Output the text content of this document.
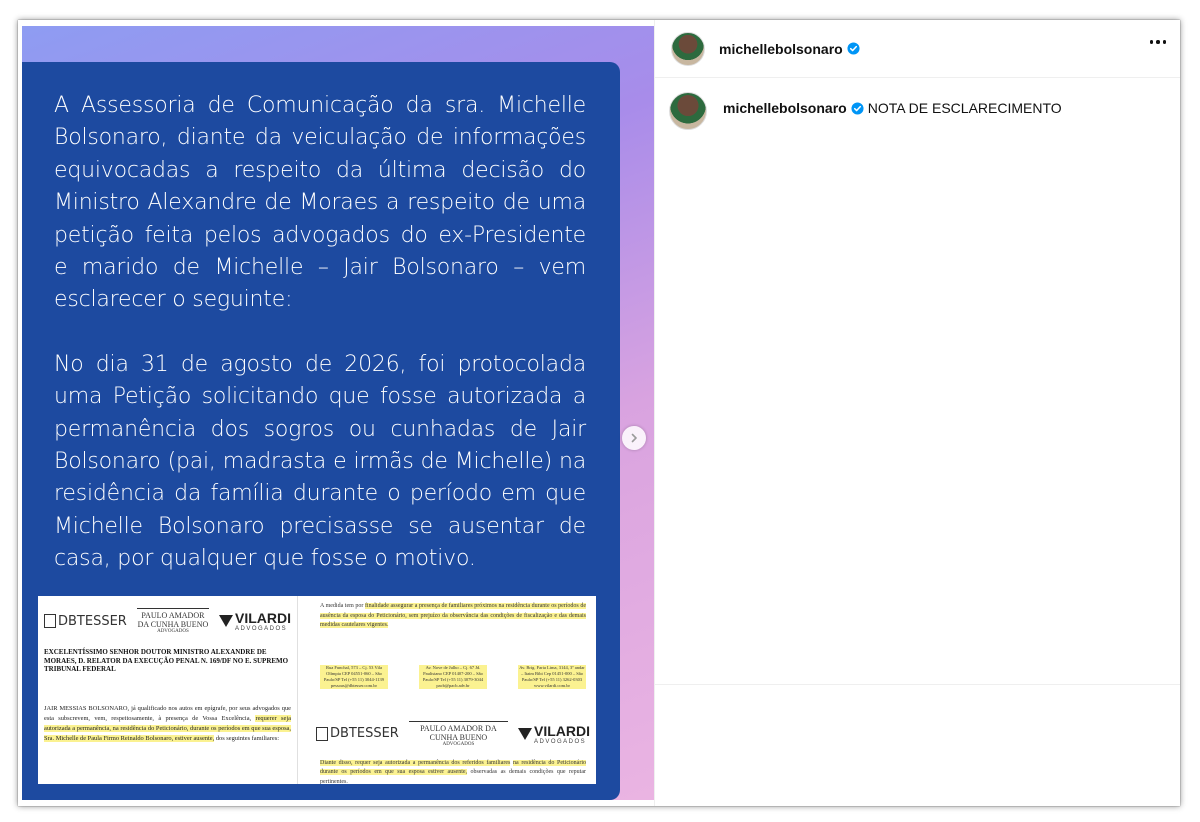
A Assessoria de Comunicação da sra. Michelle Bolsonaro, diante da veiculação de informações equivocadas a respeito da última decisão do Ministro Alexandre de Moraes a respeito de uma petição feita pelos advogados do ex-Presidente e marido de Michelle – Jair Bolsonaro – vem esclarecer o seguinte:

No dia 31 de agosto de 2026, foi protocolada uma Petição solicitando que fosse autorizada a permanência dos sogros ou cunhadas de Jair Bolsonaro (pai, madrasta e irmãs de Michelle) na residência da família durante o período em que Michelle Bolsonaro precisasse se ausentar de casa, por qualquer que fosse o motivo.

DBTESSER	PAULO AMADOR DA CUNHA BUENO
ADVOGADOS
VILARDI
ADVOGADOS
EXCELENTÍSSIMO SENHOR DOUTOR MINISTRO ALEXANDRE DE MORAES, D. RELATOR DA EXECUÇÃO PENAL N. 169/DF NO E. SUPREMO TRIBUNAL FEDERAL
JAIR MESSIAS BOLSONARO, já qualificado nos autos em epígrafe, por seus advogados que esta subscrevem, vem, respeitosamente, à presença de Vossa Excelência, requerer seja autorizada a permanência, na residência do Peticionário, durante os períodos em que sua esposa, Sra. Michelle de Paula Firmo Reinaldo Bolsonaro, estiver ausente, dos seguintes familiares:
A medida tem por finalidade assegurar a presença de familiares próximos na residência durante os períodos de ausência da esposa do Peticionário, sem prejuízo da observância das condições de fiscalização e das demais medidas cautelares vigentes.
Rua Funchal, 573 – Cj. 53 Vila Olímpia CEP 04551-060 – São Paulo/SP Tel (+55 11) 3044-1139 pessoas@dbtesser.com.br
Av. Nove de Julho – Cj. 67 Jd. Paulistano CEP 01407-200 – São Paulo/SP Tel (+55 11) 3079-3044 pacb@pacb.adv.br
Av. Brig. Faria Lima, 3144, 3º andar – Itaim Bibi Cep 01451-000 – São Paulo/SP Tel (+55 11) 3262-0303 www.vilardi.com.br
DBTESSER	PAULO AMADOR DA CUNHA BUENO
ADVOGADOS
VILARDI
ADVOGADOS
Diante disso, requer seja autorizada a permanência dos referidos familiares na residência do Peticionário durante os períodos em que sua esposa estiver ausente, observadas as demais condições que reputar pertinentes.
michellebolsonaro
michellebolsonaro NOTA DE ESCLARECIMENTO
